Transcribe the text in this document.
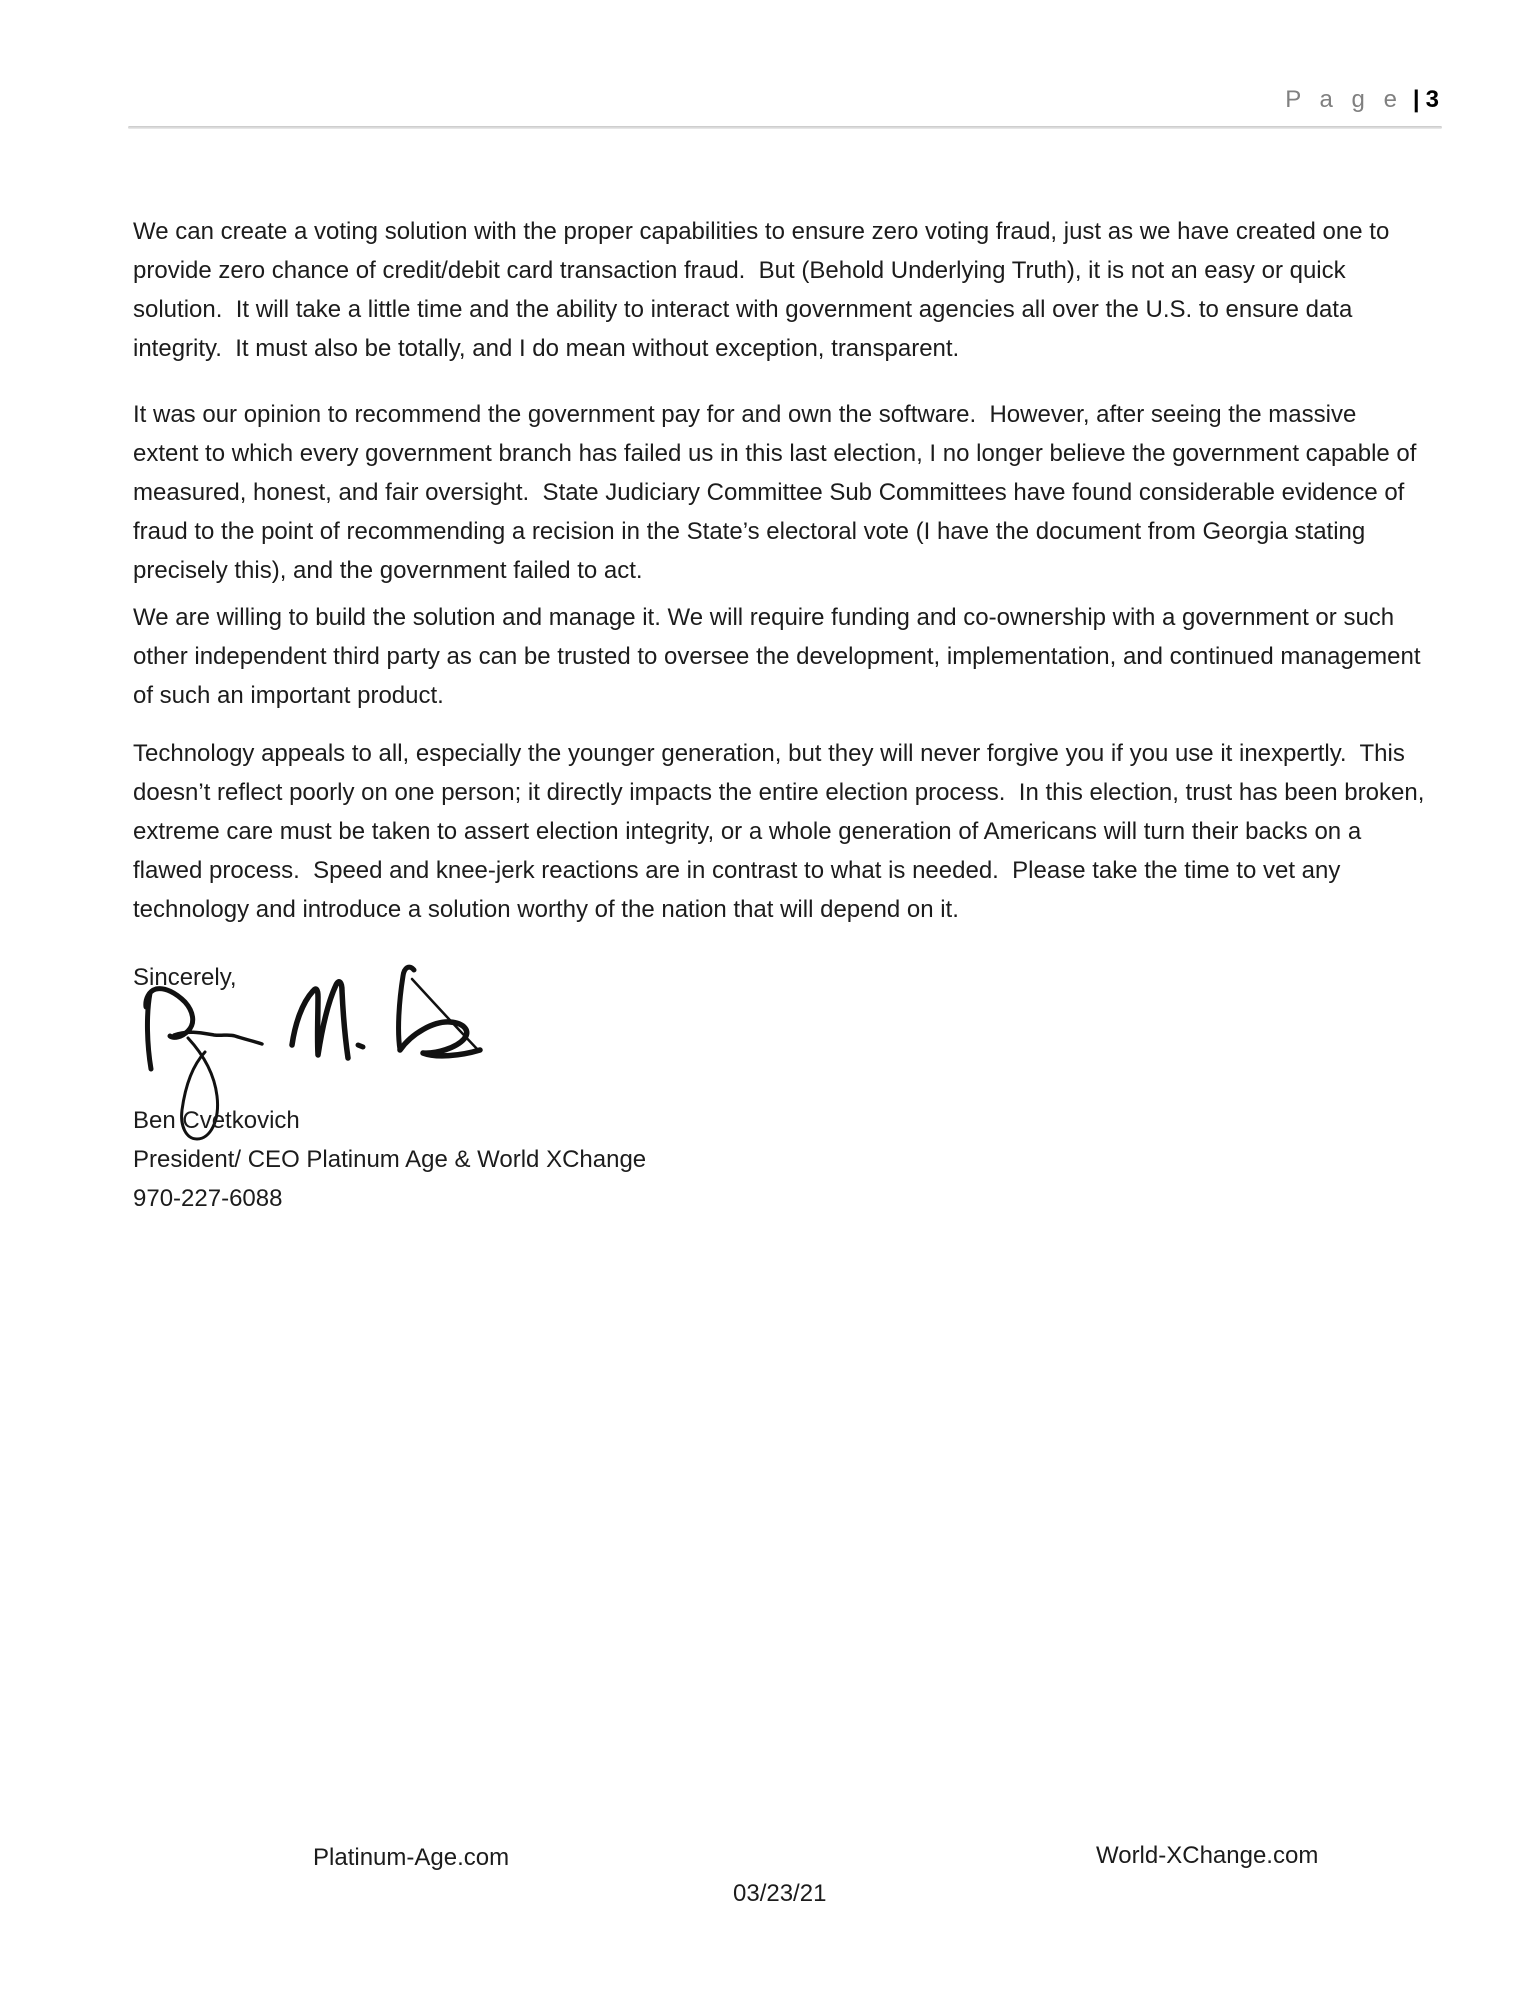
P a g e | 3

We can create a voting solution with the proper capabilities to ensure zero voting fraud, just as we have created one to provide zero chance of credit/debit card transaction fraud.  But (Behold Underlying Truth), it is not an easy or quick solution.  It will take a little time and the ability to interact with government agencies all over the U.S. to ensure data integrity.  It must also be totally, and I do mean without exception, transparent.

It was our opinion to recommend the government pay for and own the software.  However, after seeing the massive extent to which every government branch has failed us in this last election, I no longer believe the government capable of measured, honest, and fair oversight.  State Judiciary Committee Sub Committees have found considerable evidence of fraud to the point of recommending a recision in the State’s electoral vote (I have the document from Georgia stating precisely this), and the government failed to act.

We are willing to build the solution and manage it. We will require funding and co-ownership with a government or such other independent third party as can be trusted to oversee the development, implementation, and continued management of such an important product.

Technology appeals to all, especially the younger generation, but they will never forgive you if you use it inexpertly.  This doesn’t reflect poorly on one person; it directly impacts the entire election process.  In this election, trust has been broken, extreme care must be taken to assert election integrity, or a whole generation of Americans will turn their backs on a flawed process.  Speed and knee-jerk reactions are in contrast to what is needed.  Please take the time to vet any technology and introduce a solution worthy of the nation that will depend on it.

Sincerely,
Ben Cvetkovich
President/ CEO Platinum Age & World XChange
970-227-6088
Platinum-Age.com	World-XChange.com
03/23/21
